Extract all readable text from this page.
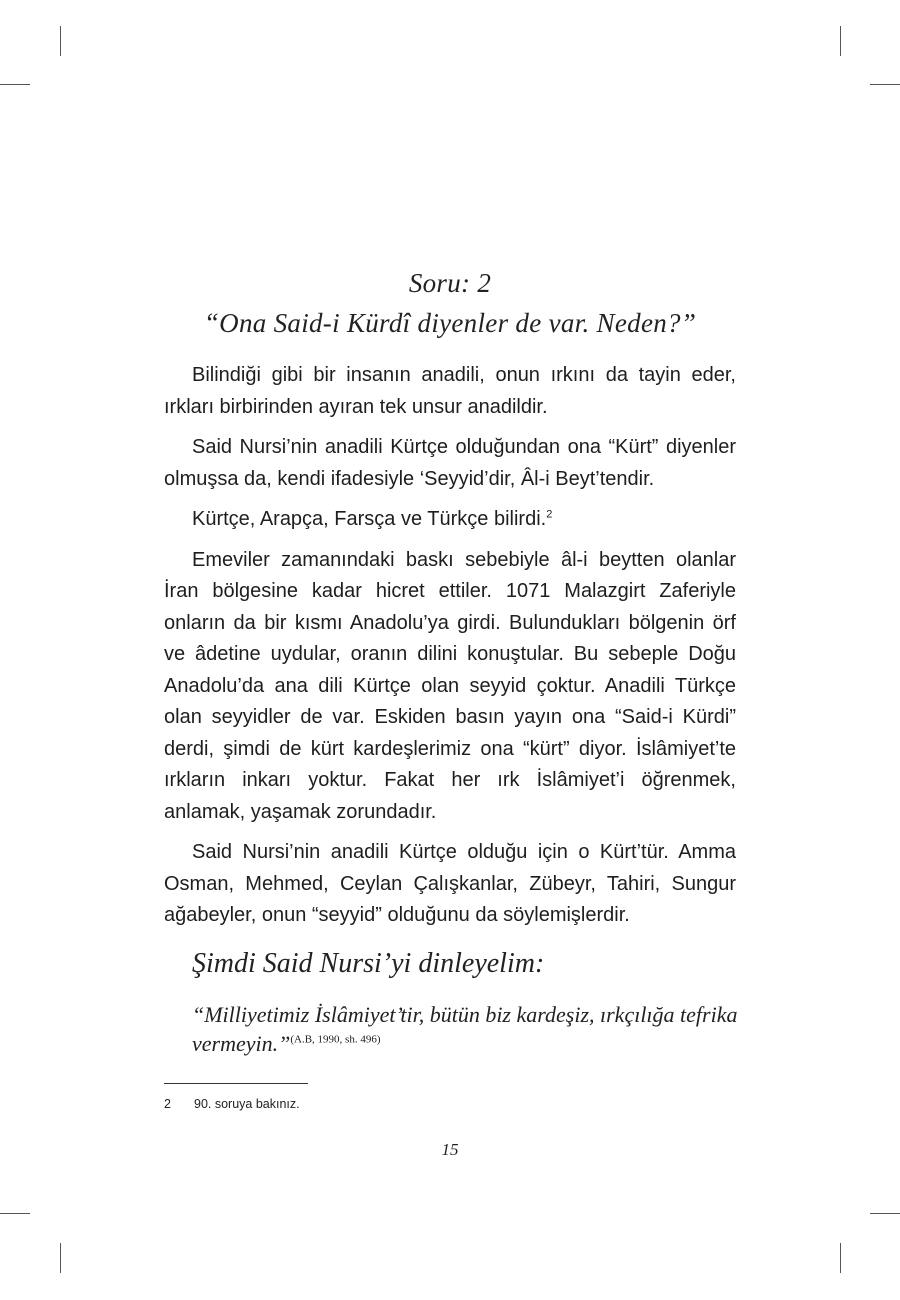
Soru: 2
“Ona Said-i Kürdî diyenler de var. Neden?”

Bilindiği gibi bir insanın anadili, onun ırkını da tayin eder, ırkları birbirinden ayıran tek unsur anadildir.

Said Nursi’nin anadili Kürtçe olduğundan ona “Kürt” diyenler olmuşsa da, kendi ifadesiyle ‘Seyyid’dir, Âl-i Beyt’tendir.

Kürtçe, Arapça, Farsça ve Türkçe bilirdi.$^2$

Emeviler zamanındaki baskı sebebiyle âl-i beytten olanlar İran bölgesine kadar hicret ettiler. 1071 Malazgirt Zaferiyle onların da bir kısmı Anadolu’ya girdi. Bulundukları bölgenin örf ve âdetine uydular, oranın dilini konuştular. Bu sebeple Doğu Anadolu’da ana dili Kürtçe olan seyyid çoktur. Anadili Türkçe olan seyyidler de var. Eskiden basın yayın ona “Said-i Kürdi” derdi, şimdi de kürt kardeşlerimiz ona “kürt” diyor. İslâmiyet’te ırkların inkarı yoktur. Fakat her ırk İslâmiyet’i öğrenmek, anlamak, yaşamak zorundadır.

Said Nursi’nin anadili Kürtçe olduğu için o Kürt’tür. Amma Osman, Mehmed, Ceylan Çalışkanlar, Zübeyr, Tahiri, Sungur ağabeyler, onun “seyyid” olduğunu da söylemişlerdir.

Şimdi Said Nursi’yi dinleyelim:
“Milliyetimiz İslâmiyet’tir, bütün biz kardeşiz, ırkçılığa tefrika vermeyin.”$^{(A.B, 1990, sh. 496)}$
2 90. soruya bakınız.
15
